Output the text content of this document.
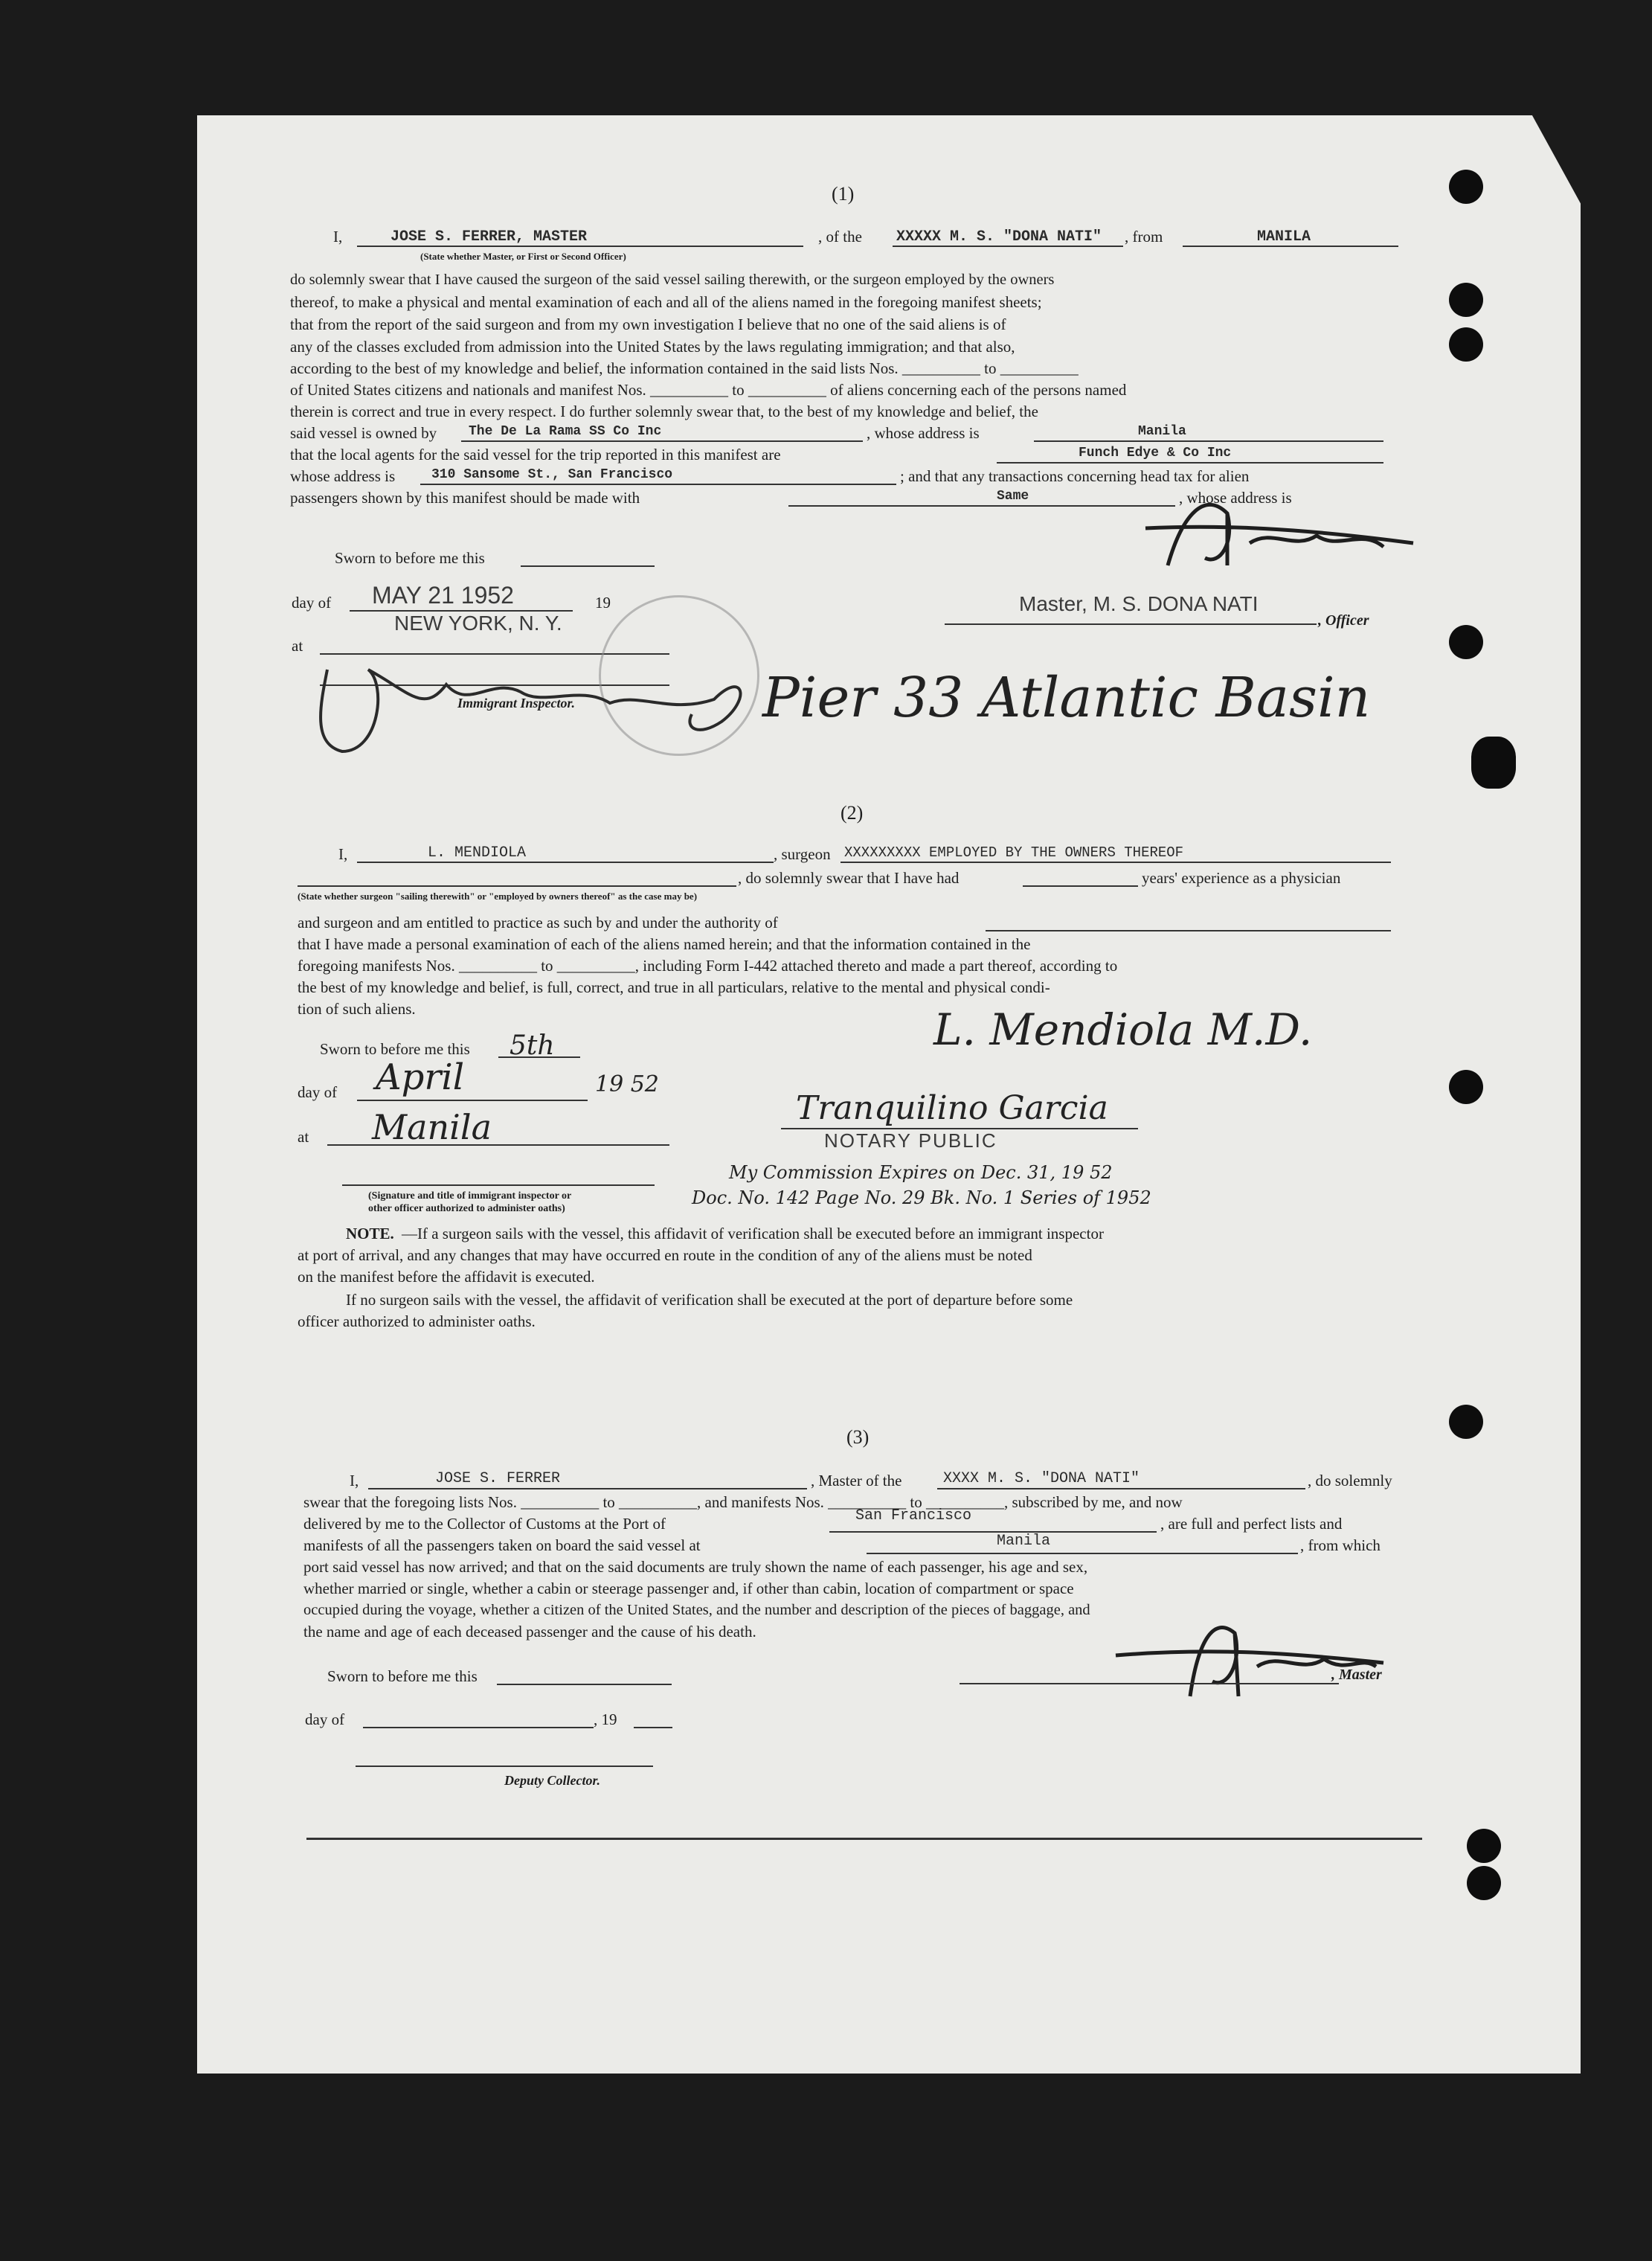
(1)
I,	JOSE S. FERRER, MASTER	, of the XXXXX M. S. "DONA NATI" , from	MANILA
(State whether Master, or First or Second Officer)
do solemnly swear that I have caused the surgeon of the said vessel sailing therewith, or the surgeon employed by the owners
thereof, to make a physical and mental examination of each and all of the aliens named in the foregoing manifest sheets;
that from the report of the said surgeon and from my own investigation I believe that no one of the said aliens is of
any of the classes excluded from admission into the United States by the laws regulating immigration; and that also,
according to the best of my knowledge and belief, the information contained in the said lists Nos. __________ to __________
of United States citizens and nationals and manifest Nos. __________ to __________ of aliens concerning each of the persons named
therein is correct and true in every respect. I do further solemnly swear that, to the best of my knowledge and belief, the
said vessel is owned by The De La Rama SS Co Inc	, whose address is	Manila
that the local agents for the said vessel for the trip reported in this manifest are	Funch Edye & Co Inc
whose address is	310 Sansome St., San Francisco	; and that any transactions concerning head tax for alien
passengers shown by this manifest should be made with	Same	, whose address is
Sworn to before me this
day of MAY 21 1952	19
at
NEW YORK, N. Y.
Immigrant Inspector.	Pier 33 Atlantic Basin
Master, M. S. DONA NATI
, Officer
(2)
I,	L. MENDIOLA	, surgeon XXXXXXXXX EMPLOYED BY THE OWNERS THEREOF
, do solemnly swear that I have had	years' experience as a physician
(State whether surgeon "sailing therewith" or "employed by owners thereof" as the case may be)
and surgeon and am entitled to practice as such by and under the authority of
that I have made a personal examination of each of the aliens named herein; and that the information contained in the
foregoing manifests Nos. __________ to __________, including Form I-442 attached thereto and made a part thereof, according to
the best of my knowledge and belief, is full, correct, and true in all particulars, relative to the mental and physical condi-
tion of such aliens.
Sworn to before me this 5th
day of April	19 52
at Manila
(Signature and title of immigrant inspector or
other officer authorized to administer oaths)
L. Mendiola M.D.
Tranquilino Garcia
NOTARY PUBLIC
My Commission Expires on Dec. 31, 19 52
Doc. No. 142 Page No. 29 Bk. No. 1 Series of 1952
NOTE. —If a surgeon sails with the vessel, this affidavit of verification shall be executed before an immigrant inspector
at port of arrival, and any changes that may have occurred en route in the condition of any of the aliens must be noted
on the manifest before the affidavit is executed.
If no surgeon sails with the vessel, the affidavit of verification shall be executed at the port of departure before some
officer authorized to administer oaths.
(3)
I,	JOSE S. FERRER	, Master of the	XXXX M. S. "DONA NATI"	, do solemnly
swear that the foregoing lists Nos. __________ to __________, and manifests Nos. __________ to __________, subscribed by me, and now
delivered by me to the Collector of Customs at the Port of	San Francisco	, are full and perfect lists and
manifests of all the passengers taken on board the said vessel at	Manila	, from which
port said vessel has now arrived; and that on the said documents are truly shown the name of each passenger, his age and sex,
whether married or single, whether a cabin or steerage passenger and, if other than cabin, location of compartment or space
occupied during the voyage, whether a citizen of the United States, and the number and description of the pieces of baggage, and
the name and age of each deceased passenger and the cause of his death.
Sworn to before me this
day of	, 19
Deputy Collector.
, Master
